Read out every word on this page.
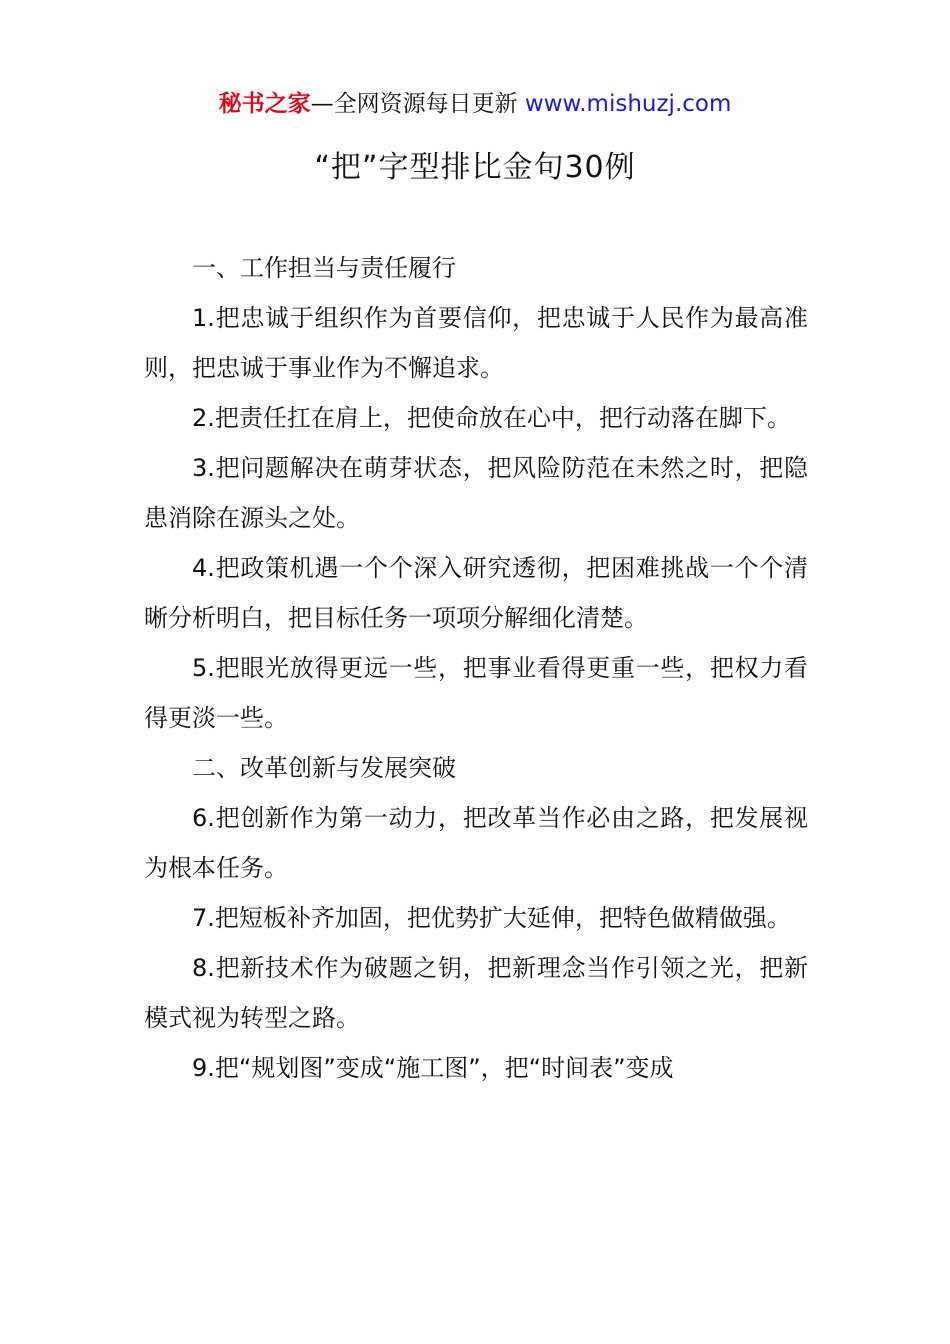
秘书之家—全网资源每日更新 www.mishuzj.com
“把”字型排比金句30例

一、工作担当与责任履行

1.把忠诚于组织作为首要信仰，把忠诚于人民作为最高准则，把忠诚于事业作为不懈追求。

2.把责任扛在肩上，把使命放在心中，把行动落在脚下。

3.把问题解决在萌芽状态，把风险防范在未然之时，把隐患消除在源头之处。

4.把政策机遇一个个深入研究透彻，把困难挑战一个个清晰分析明白，把目标任务一项项分解细化清楚。

5.把眼光放得更远一些，把事业看得更重一些，把权力看得更淡一些。

二、改革创新与发展突破

6.把创新作为第一动力，把改革当作必由之路，把发展视为根本任务。

7.把短板补齐加固，把优势扩大延伸，把特色做精做强。

8.把新技术作为破题之钥，把新理念当作引领之光，把新模式视为转型之路。

9.把“规划图”变成“施工图”，把“时间表”变成
